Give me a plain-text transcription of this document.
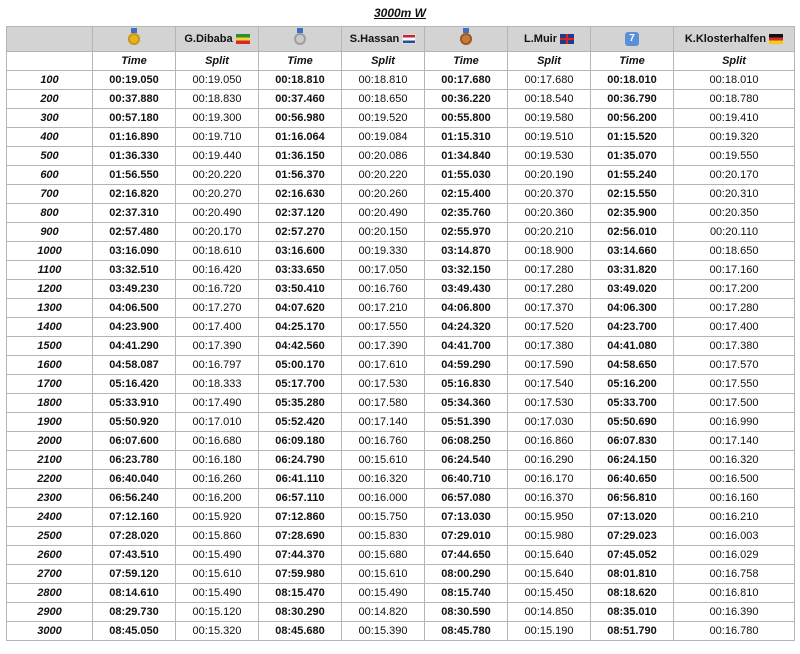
3000m W
		G.Dibaba		S.Hassan		L.Muir	7	K.Klosterhalfen
	Time	Split	Time	Split	Time	Split	Time	Split
100	00:19.050	00:19.050	00:18.810	00:18.810	00:17.680	00:17.680	00:18.010	00:18.010
200	00:37.880	00:18.830	00:37.460	00:18.650	00:36.220	00:18.540	00:36.790	00:18.780
300	00:57.180	00:19.300	00:56.980	00:19.520	00:55.800	00:19.580	00:56.200	00:19.410
400	01:16.890	00:19.710	01:16.064	00:19.084	01:15.310	00:19.510	01:15.520	00:19.320
500	01:36.330	00:19.440	01:36.150	00:20.086	01:34.840	00:19.530	01:35.070	00:19.550
600	01:56.550	00:20.220	01:56.370	00:20.220	01:55.030	00:20.190	01:55.240	00:20.170
700	02:16.820	00:20.270	02:16.630	00:20.260	02:15.400	00:20.370	02:15.550	00:20.310
800	02:37.310	00:20.490	02:37.120	00:20.490	02:35.760	00:20.360	02:35.900	00:20.350
900	02:57.480	00:20.170	02:57.270	00:20.150	02:55.970	00:20.210	02:56.010	00:20.110
1000	03:16.090	00:18.610	03:16.600	00:19.330	03:14.870	00:18.900	03:14.660	00:18.650
1100	03:32.510	00:16.420	03:33.650	00:17.050	03:32.150	00:17.280	03:31.820	00:17.160
1200	03:49.230	00:16.720	03:50.410	00:16.760	03:49.430	00:17.280	03:49.020	00:17.200
1300	04:06.500	00:17.270	04:07.620	00:17.210	04:06.800	00:17.370	04:06.300	00:17.280
1400	04:23.900	00:17.400	04:25.170	00:17.550	04:24.320	00:17.520	04:23.700	00:17.400
1500	04:41.290	00:17.390	04:42.560	00:17.390	04:41.700	00:17.380	04:41.080	00:17.380
1600	04:58.087	00:16.797	05:00.170	00:17.610	04:59.290	00:17.590	04:58.650	00:17.570
1700	05:16.420	00:18.333	05:17.700	00:17.530	05:16.830	00:17.540	05:16.200	00:17.550
1800	05:33.910	00:17.490	05:35.280	00:17.580	05:34.360	00:17.530	05:33.700	00:17.500
1900	05:50.920	00:17.010	05:52.420	00:17.140	05:51.390	00:17.030	05:50.690	00:16.990
2000	06:07.600	00:16.680	06:09.180	00:16.760	06:08.250	00:16.860	06:07.830	00:17.140
2100	06:23.780	00:16.180	06:24.790	00:15.610	06:24.540	00:16.290	06:24.150	00:16.320
2200	06:40.040	00:16.260	06:41.110	00:16.320	06:40.710	00:16.170	06:40.650	00:16.500
2300	06:56.240	00:16.200	06:57.110	00:16.000	06:57.080	00:16.370	06:56.810	00:16.160
2400	07:12.160	00:15.920	07:12.860	00:15.750	07:13.030	00:15.950	07:13.020	00:16.210
2500	07:28.020	00:15.860	07:28.690	00:15.830	07:29.010	00:15.980	07:29.023	00:16.003
2600	07:43.510	00:15.490	07:44.370	00:15.680	07:44.650	00:15.640	07:45.052	00:16.029
2700	07:59.120	00:15.610	07:59.980	00:15.610	08:00.290	00:15.640	08:01.810	00:16.758
2800	08:14.610	00:15.490	08:15.470	00:15.490	08:15.740	00:15.450	08:18.620	00:16.810
2900	08:29.730	00:15.120	08:30.290	00:14.820	08:30.590	00:14.850	08:35.010	00:16.390
3000	08:45.050	00:15.320	08:45.680	00:15.390	08:45.780	00:15.190	08:51.790	00:16.780
